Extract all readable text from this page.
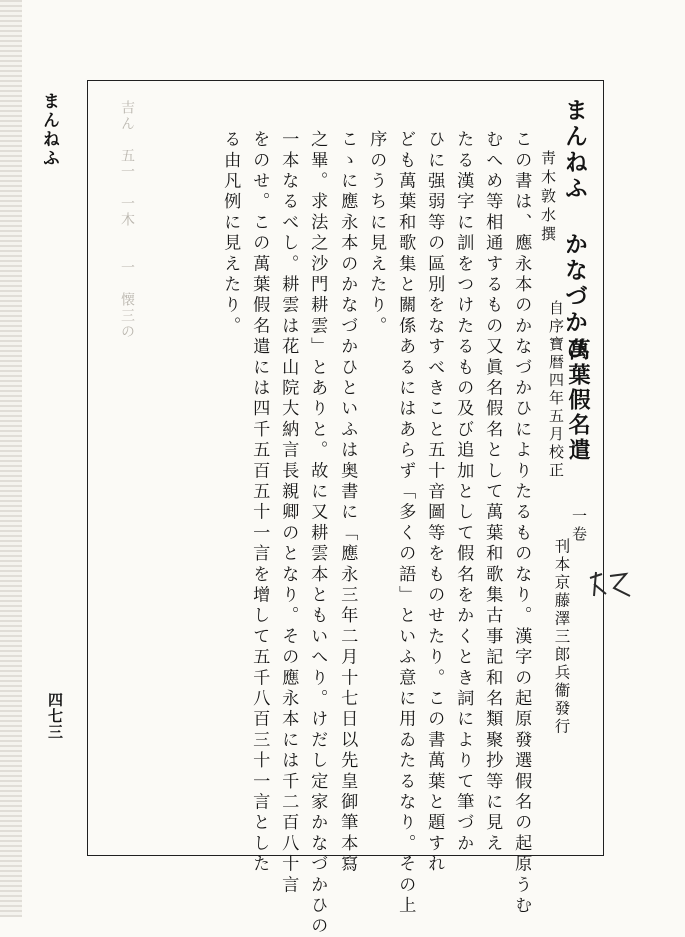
まんねふ
四七三
まんねふ かなづかひ
萬葉假名遣
一卷
刊本京藤澤三郎兵衞發行
靑木敦水撰
自序寶暦四年五月校正
この書は、應永本のかなづかひによりたるものなり。漢字の起原發選假名の起原うむ
むへめ等相通するもの又眞名假名として萬葉和歌集古事記和名類聚抄等に見え
たる漢字に訓をつけたるもの及び追加として假名をかくとき詞によりて筆づか
ひに强弱等の區別をなすべきこと五十音圖等をものせたり。この書萬葉と題すれ
ども萬葉和歌集と關係あるにはあらず「多くの語」といふ意に用ゐたるなり。その上
序のうちに見えたり。
こゝに應永本のかなづかひといふは奥書に「應永三年二月十七日以先皇御筆本寫
之畢。求法之沙門耕雲」とありと。故に又耕雲本ともいへり。けだし定家かなづかひの
一本なるべし。耕雲は花山院大納言長親卿のとなり。その應永本には千二百八十言
をのせ。この萬葉假名遣には四千五百五十一言を增して五千八百三十一言とした
る由凡例に見えたり。
吉ん　五一　一木　　一　懐三の
